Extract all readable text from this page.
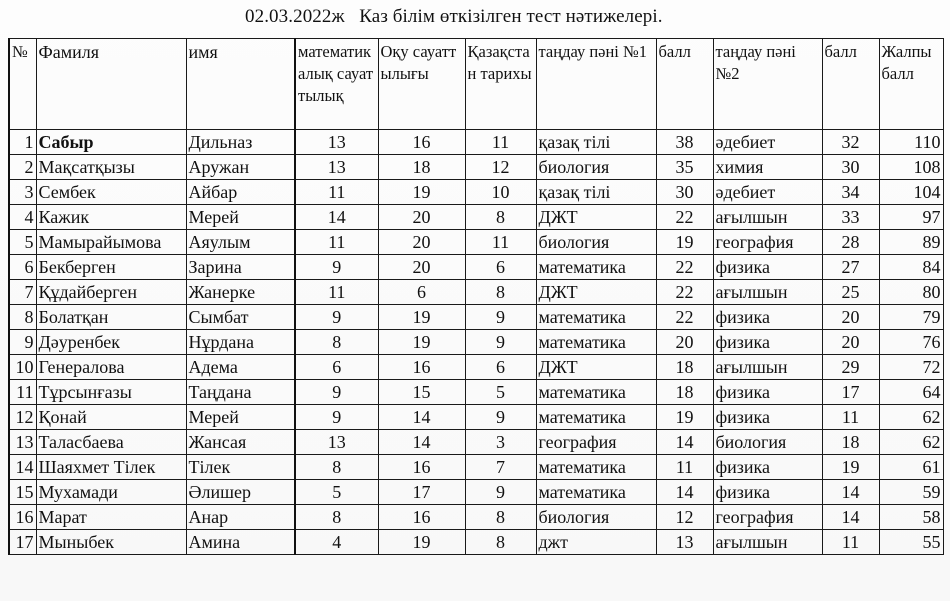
02.03.2022ж   Каз білім өткізілген тест нәтижелері.
№	Фамиля	имя	математикалық сауаттылық	Оқу сауаттылығы	Қазақстан тарихы	таңдау пәні №1	балл	таңдау пәні №2	балл	Жалпы балл
1	Сабыр	Дильназ	13	16	11	қазақ тілі	38	әдебиет	32	110
2	Мақсатқызы	Аружан	13	18	12	биология	35	химия	30	108
3	Сембек	Айбар	11	19	10	қазақ тілі	30	әдебиет	34	104
4	Кажик	Мерей	14	20	8	ДЖТ	22	ағылшын	33	97
5	Мамырайымова	Аяулым	11	20	11	биология	19	география	28	89
6	Бекберген	Зарина	9	20	6	математика	22	физика	27	84
7	Құдайберген	Жанерке	11	6	8	ДЖТ	22	ағылшын	25	80
8	Болатқан	Сымбат	9	19	9	математика	22	физика	20	79
9	Дәуренбек	Нұрдана	8	19	9	математика	20	физика	20	76
10	Генералова	Адема	6	16	6	ДЖТ	18	ағылшын	29	72
11	Тұрсынғазы	Таңдана	9	15	5	математика	18	физика	17	64
12	Қонай	Мерей	9	14	9	математика	19	физика	11	62
13	Таласбаева	Жансая	13	14	3	география	14	биология	18	62
14	Шаяхмет Тілек	Тілек	8	16	7	математика	11	физика	19	61
15	Мухамади	Әлишер	5	17	9	математика	14	физика	14	59
16	Марат	Анар	8	16	8	биология	12	география	14	58
17	Мыныбек	Амина	4	19	8	джт	13	ағылшын	11	55
